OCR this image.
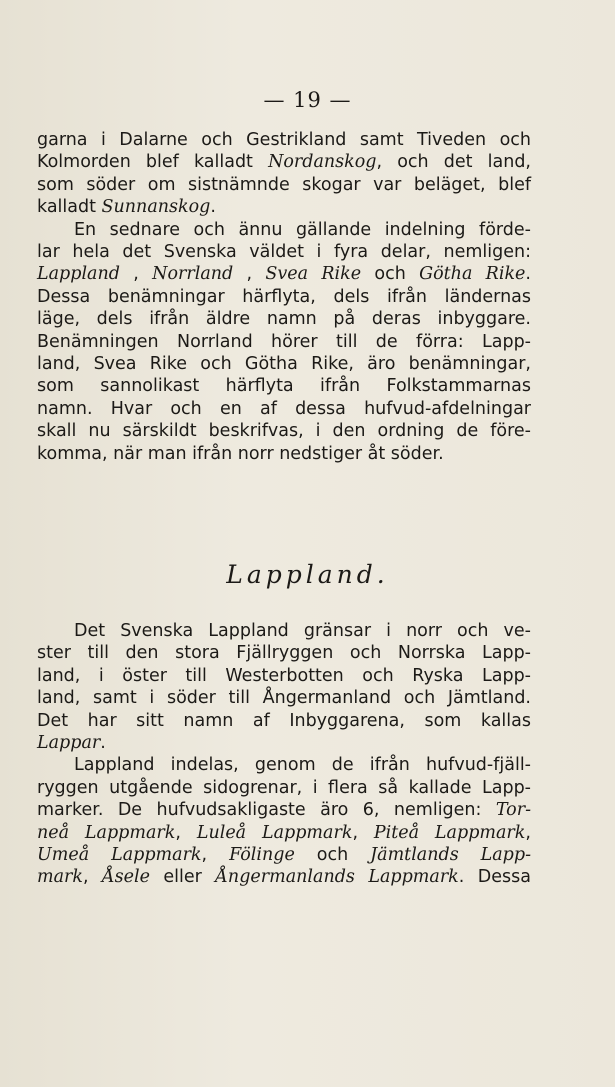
— 19 —
garna i Dalarne och Gestrikland samt Tiveden och
Kolmorden blef kalladt Nordanskog, och det land,
som söder om sistnämnde skogar var beläget, blef
kalladt Sunnanskog.
En sednare och ännu gällande indelning förde-
lar hela det Svenska väldet i fyra delar, nemligen:
Lappland , Norrland , Svea Rike och Götha Rike.
Dessa benämningar härflyta, dels ifrån ländernas
läge, dels ifrån äldre namn på deras inbyggare.
Benämningen Norrland hörer till de förra: Lapp-
land, Svea Rike och Götha Rike, äro benämningar,
som sannolikast härflyta ifrån Folkstammarnas
namn. Hvar och en af dessa hufvud-afdelningar
skall nu särskildt beskrifvas, i den ordning de före-
komma, när man ifrån norr nedstiger åt söder.
Lappland.
Det Svenska Lappland gränsar i norr och ve-
ster till den stora Fjällryggen och Norrska Lapp-
land, i öster till Westerbotten och Ryska Lapp-
land, samt i söder till Ångermanland och Jämtland.
Det har sitt namn af Inbyggarena, som kallas
Lappar.
Lappland indelas, genom de ifrån hufvud-fjäll-
ryggen utgående sidogrenar, i flera så kallade Lapp-
marker. De hufvudsakligaste äro 6, nemligen: Tor-
neå Lappmark, Luleå Lappmark, Piteå Lappmark,
Umeå Lappmark, Fölinge och Jämtlands Lapp-
mark, Åsele eller Ångermanlands Lappmark. Dessa
